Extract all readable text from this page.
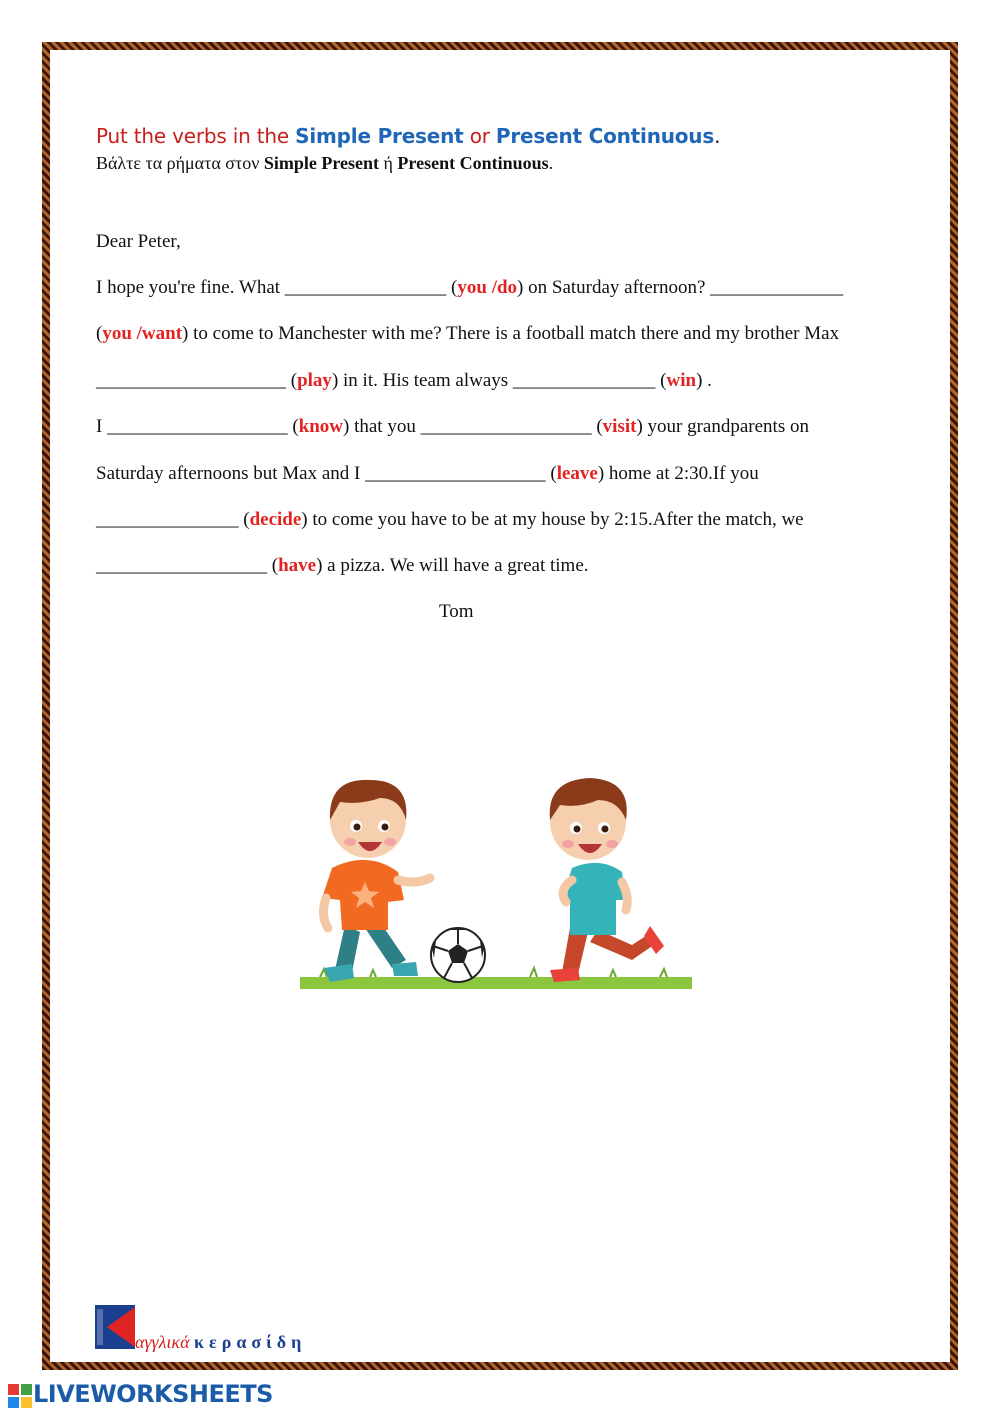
Put the verbs in the Simple Present or Present Continuous.
Βάλτε τα ρήματα στον Simple Present ή Present Continuous.
Dear Peter,
I hope you're fine. What _________________ (you /do) on Saturday afternoon? ______________
(you /want) to come to Manchester with me? There is a football match there and my brother Max
____________________ (play) in it. His team always _______________ (win) .
I ___________________ (know) that you __________________ (visit) your grandparents on
Saturday afternoons but Max and I ___________________ (leave) home at 2:30.If you
_______________ (decide) to come you have to be at my house by 2:15.After the match, we
__________________ (have) a pizza. We will have a great time.
Tom
αγγλικά κερασίδη
LIVEWORKSHEETS
